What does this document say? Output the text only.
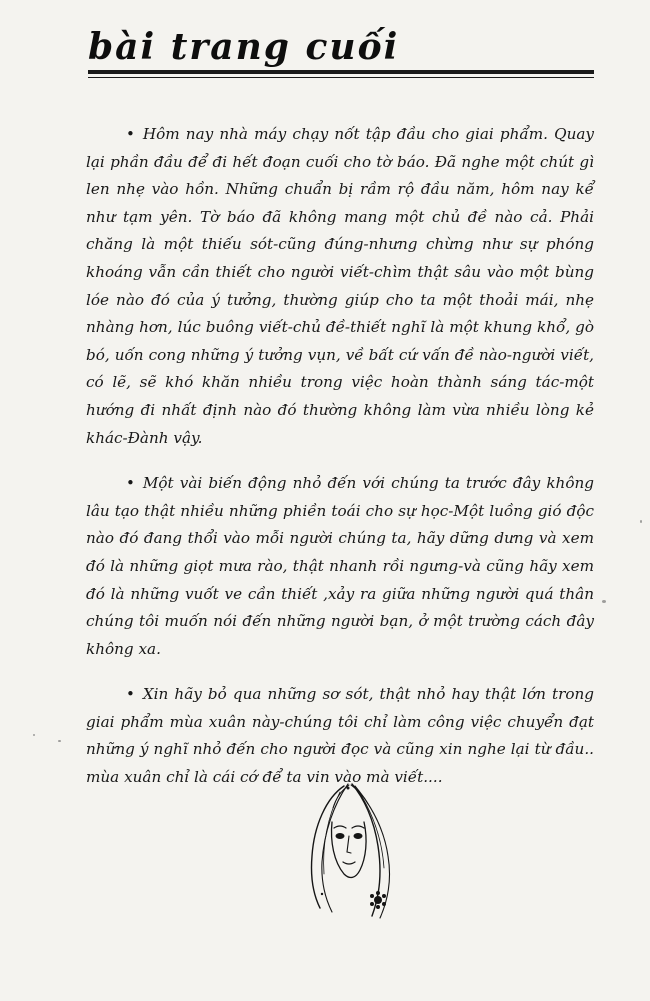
bài trang cuối

• Hôm nay nhà máy chạy nốt tập đầu cho giai phẩm. Quay lại phần đầu để đi hết đoạn cuối cho tờ báo. Đã nghe một chút gì len nhẹ vào hồn. Những chuẩn bị rầm rộ đầu năm, hôm nay kể như tạm yên. Tờ báo đã không mang một chủ đề nào cả. Phải chăng là một thiếu sót-cũng đúng-nhưng chừng như sự phóng khoáng vẫn cần thiết cho người viết-chìm thật sâu vào một bùng lóe nào đó của ý tưởng, thường giúp cho ta một thoải mái, nhẹ nhàng hơn, lúc buông viết-chủ đề-thiết nghĩ là một khung khổ, gò bó, uốn cong những ý tưởng vụn, về bất cứ vấn đề nào-người viết, có lẽ, sẽ khó khăn nhiều trong việc hoàn thành sáng tác-một hướng đi nhất định nào đó thường không làm vừa nhiều lòng kẻ khác-Đành vậy.

• Một vài biến động nhỏ đến với chúng ta trước đây không lâu tạo thật nhiều những phiền toái cho sự học-Một luồng gió độc nào đó đang thổi vào mỗi người chúng ta, hãy dững dưng và xem đó là những giọt mưa rào, thật nhanh rồi ngưng-và cũng hãy xem đó là những vuốt ve cần thiết ,xảy ra giữa những người quá thân chúng tôi muốn nói đến những người bạn, ở một trường cách đây không xa.

• Xin hãy bỏ qua những sơ sót, thật nhỏ hay thật lớn trong giai phẩm mùa xuân này-chúng tôi chỉ làm công việc chuyển đạt những ý nghĩ nhỏ đến cho người đọc và cũng xin nghe lại từ đầu.. mùa xuân chỉ là cái cớ để ta vin vào mà viết....
